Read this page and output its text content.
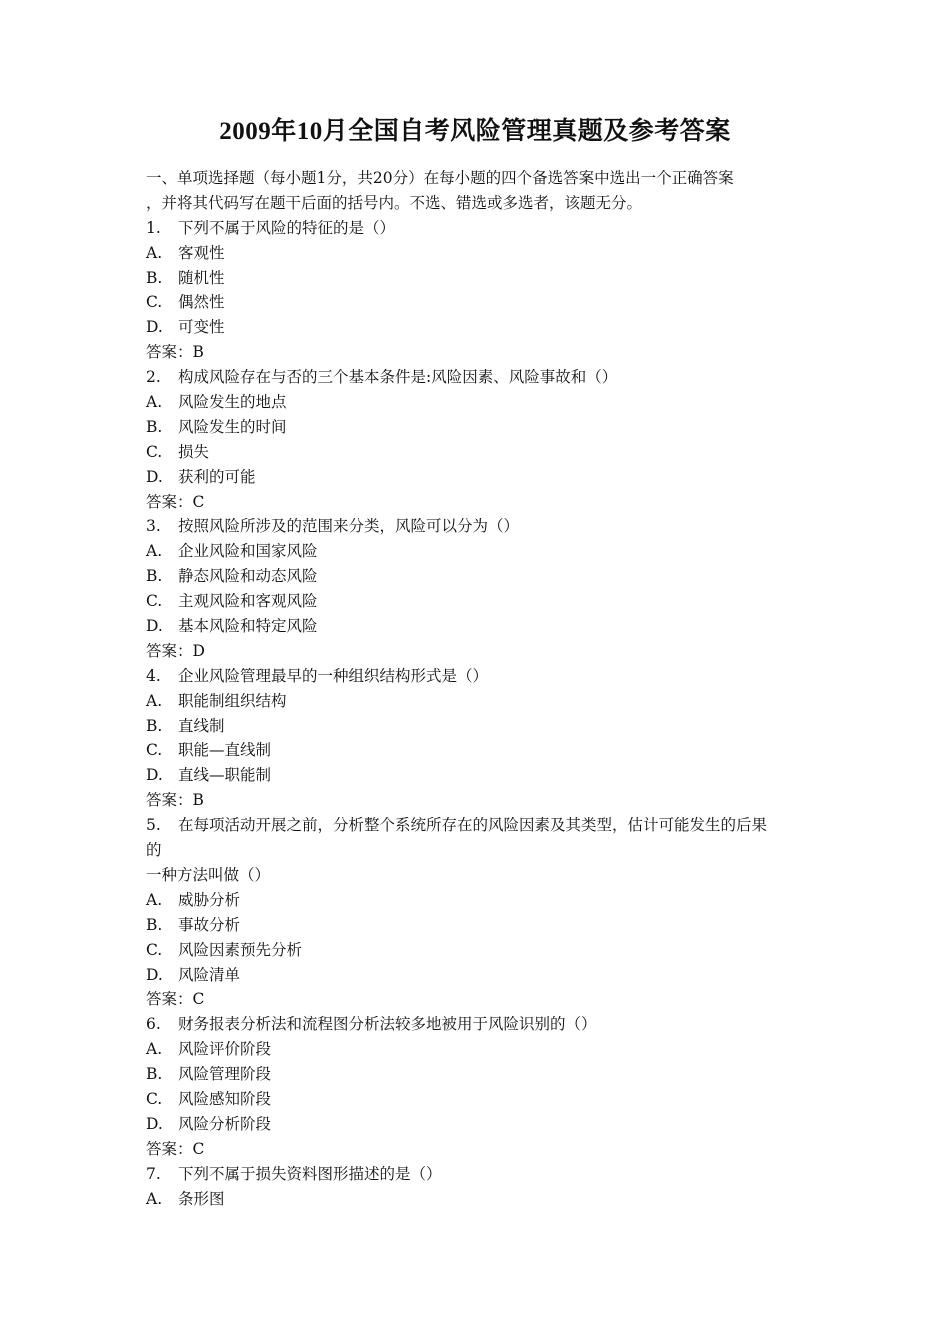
2009年10月全国自考风险管理真题及参考答案
一、单项选择题（每小题1分，共20分）在每小题的四个备选答案中选出一个正确答案
，并将其代码写在题干后面的括号内。不选、错选或多选者，该题无分。
1.	下列不属于风险的特征的是（）
A.	客观性
B.	随机性
C.	偶然性
D. 可变性
答案：B
2.	构成风险存在与否的三个基本条件是:风险因素、风险事故和（）
A.	风险发生的地点
B.	风险发生的时间
C.	损失
D. 获利的可能
答案：C
3.	按照风险所涉及的范围来分类，风险可以分为（）
A.	企业风险和国家风险
B.	静态风险和动态风险
C.	主观风险和客观风险
D. 基本风险和特定风险
答案：D
4.	企业风险管理最早的一种组织结构形式是（）
A.	职能制组织结构
B.	直线制
C.	职能—直线制
D. 直线—职能制
答案：B
5.	在每项活动开展之前，分析整个系统所存在的风险因素及其类型，估计可能发生的后果
的
一种方法叫做（）
A.	威胁分析
B.	事故分析
C.	风险因素预先分析
D. 风险清单
答案：C
6.	财务报表分析法和流程图分析法较多地被用于风险识别的（）
A.	风险评价阶段
B.	风险管理阶段
C.	风险感知阶段
D. 风险分析阶段
答案：C
7.	下列不属于损失资料图形描述的是（）
A.	条形图
